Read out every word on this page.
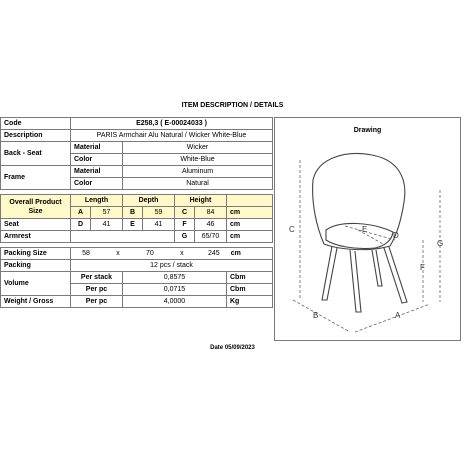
ITEM DESCRIPTION / DETAILS
Code	E258,3 ( E-00024033 )						
Description	PARIS Armchair Alu Natural / Wicker White-Blue						
Back - Seat	Material		Wicker				
	Color		White-Blue				
Frame	Material		Aluminum				
	Color		Natural				

Overall Product Size	Length		Depth		Height		
	A	57	B	59	C	84	cm
Seat	D	41	E	41	F	46	cm
Armrest					G	65/70	cm

Packing Size	58 x 70 x 245 cm						
Packing	12 pcs / stack						
Volume	Per stack		0,8575				Cbm
	Per pc		0,0715				Cbm
Weight / Gross	Per pc		4,0000				Kg
Drawing
C
G
F
B	A
E
D
Date 05/09/2023
